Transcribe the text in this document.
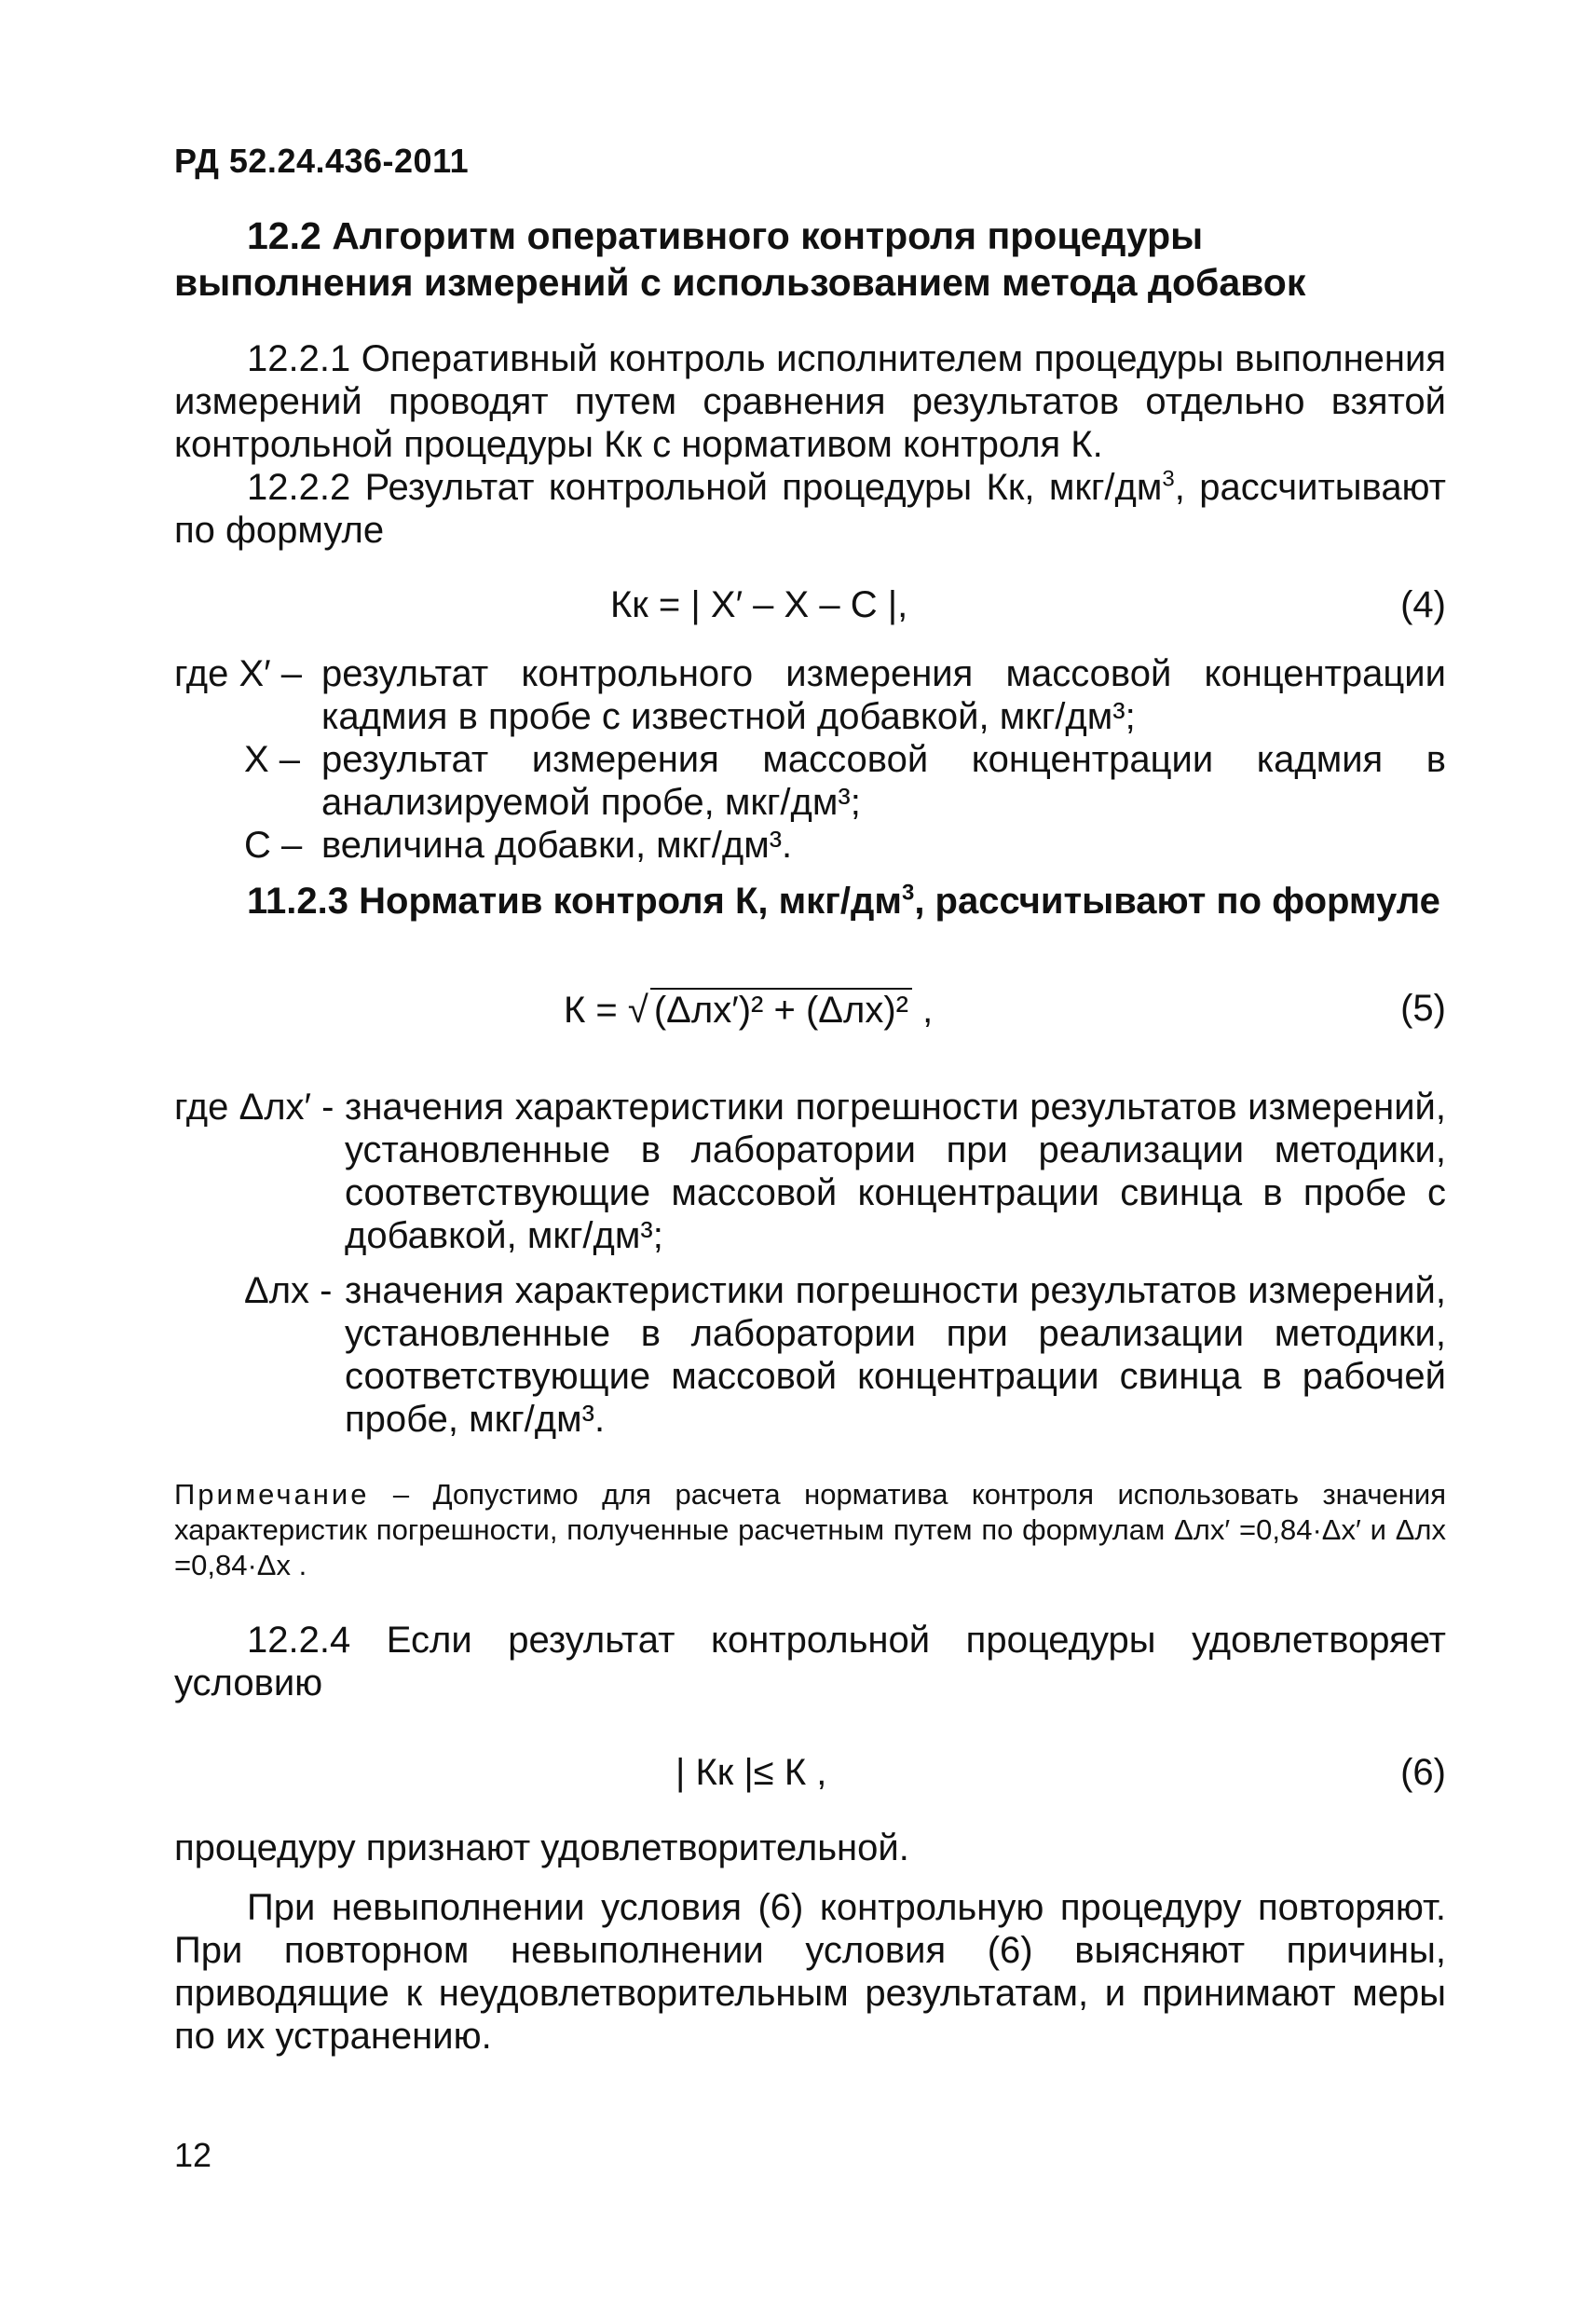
РД 52.24.436-2011
12.2 Алгоритм оперативного контроля процедуры выполнения измерений с использованием метода добавок
12.2.1 Оперативный контроль исполнителем процедуры выполнения измерений проводят путем сравнения результатов отдельно взятой контрольной процедуры Кк с нормативом контроля К.
12.2.2 Результат контрольной процедуры Кк, мкг/$дм^3$, рассчитывают по формуле
Кк = | X′ – X – C |,	(4)
где X′ – результат контрольного измерения массовой концентрации кадмия в пробе с известной добавкой, мкг/дм³;
X – результат измерения массовой концентрации кадмия в анализируемой пробе, мкг/дм³;
С – величина добавки, мкг/дм³.
11.2.3 Норматив контроля К, мкг/$дм^3$, рассчитывают по формуле
К = √ (Δлх′)² + (Δлх)² ,	(5)
где Δлх′ - значения характеристики погрешности результатов измерений, установленные в лаборатории при реализации методики, соответствующие массовой концентрации свинца в пробе с добавкой, мкг/дм³;
Δлх - значения характеристики погрешности результатов измерений, установленные в лаборатории при реализации методики, соответствующие массовой концентрации свинца в рабочей пробе, мкг/дм³.
Примечание – Допустимо для расчета норматива контроля использовать значения характеристик погрешности, полученные расчетным путем по формулам Δлх′ =0,84·Δх′ и Δлх =0,84·Δх .
12.2.4 Если результат контрольной процедуры удовлетворяет условию
| Кк |≤ К ,	(6)
процедуру признают удовлетворительной.
При невыполнении условия (6) контрольную процедуру повторяют. При повторном невыполнении условия (6) выясняют причины, приводящие к неудовлетворительным результатам, и принимают меры по их устранению.
12
